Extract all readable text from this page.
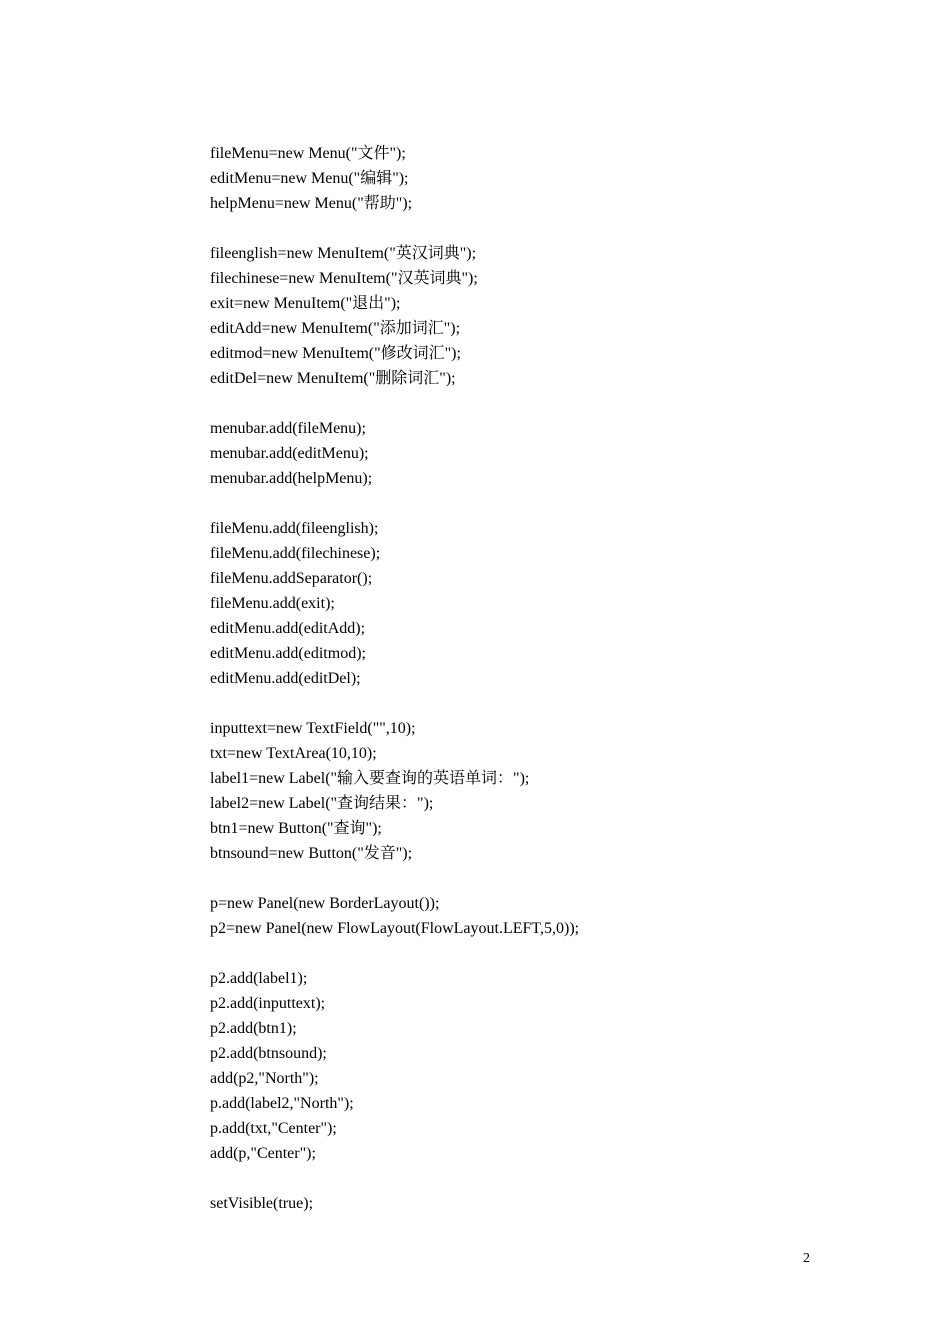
fileMenu=new Menu("文件");
editMenu=new Menu("编辑");
helpMenu=new Menu("帮助");
fileenglish=new MenuItem("英汉词典");
filechinese=new MenuItem("汉英词典");
exit=new MenuItem("退出");
editAdd=new MenuItem("添加词汇");
editmod=new MenuItem("修改词汇");
editDel=new MenuItem("删除词汇");
menubar.add(fileMenu);
menubar.add(editMenu);
menubar.add(helpMenu);
fileMenu.add(fileenglish);
fileMenu.add(filechinese);
fileMenu.addSeparator();
fileMenu.add(exit);
editMenu.add(editAdd);
editMenu.add(editmod);
editMenu.add(editDel);
inputtext=new TextField("",10);
txt=new TextArea(10,10);
label1=new Label("输入要查询的英语单词：");
label2=new Label("查询结果：");
btn1=new Button("查询");
btnsound=new Button("发音");
p=new Panel(new BorderLayout());
p2=new Panel(new FlowLayout(FlowLayout.LEFT,5,0));
p2.add(label1);
p2.add(inputtext);
p2.add(btn1);
p2.add(btnsound);
add(p2,"North");
p.add(label2,"North");
p.add(txt,"Center");
add(p,"Center");
setVisible(true);
2
